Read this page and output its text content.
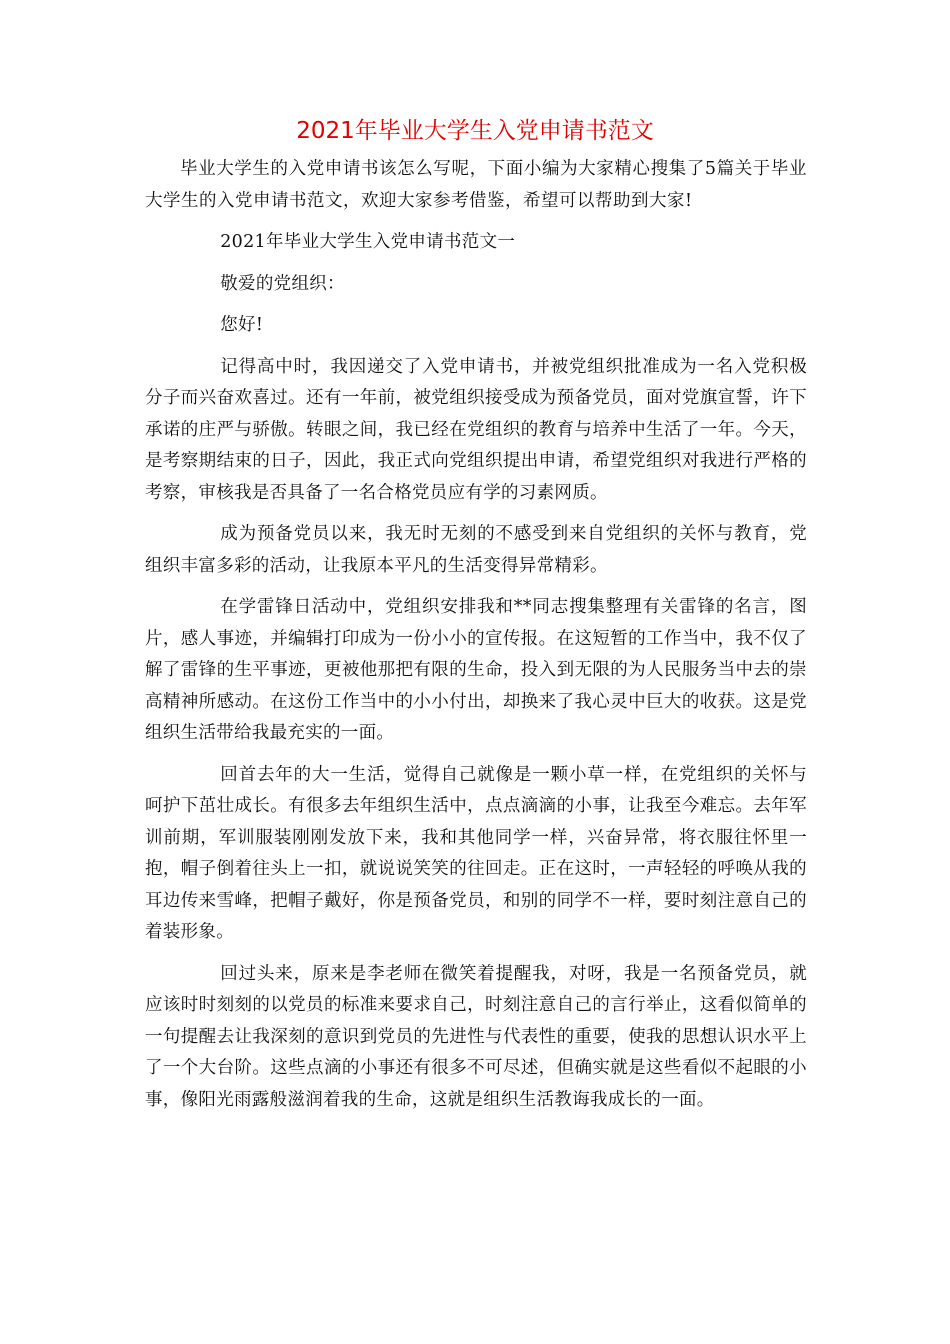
2021年毕业大学生入党申请书范文

毕业大学生的入党申请书该怎么写呢，下面小编为大家精心搜集了5篇关于毕业大学生的入党申请书范文，欢迎大家参考借鉴，希望可以帮助到大家!

2021年毕业大学生入党申请书范文一

敬爱的党组织：

您好!

记得高中时，我因递交了入党申请书，并被党组织批准成为一名入党积极分子而兴奋欢喜过。还有一年前，被党组织接受成为预备党员，面对党旗宣誓，许下承诺的庄严与骄傲。转眼之间，我已经在党组织的教育与培养中生活了一年。今天，是考察期结束的日子，因此，我正式向党组织提出申请，希望党组织对我进行严格的考察，审核我是否具备了一名合格党员应有学的习素网质。

成为预备党员以来，我无时无刻的不感受到来自党组织的关怀与教育，党组织丰富多彩的活动，让我原本平凡的生活变得异常精彩。

在学雷锋日活动中，党组织安排我和**同志搜集整理有关雷锋的名言，图片，感人事迹，并编辑打印成为一份小小的宣传报。在这短暂的工作当中，我不仅了解了雷锋的生平事迹，更被他那把有限的生命，投入到无限的为人民服务当中去的崇高精神所感动。在这份工作当中的小小付出，却换来了我心灵中巨大的收获。这是党组织生活带给我最充实的一面。

回首去年的大一生活，觉得自己就像是一颗小草一样，在党组织的关怀与呵护下茁壮成长。有很多去年组织生活中，点点滴滴的小事，让我至今难忘。去年军训前期，军训服装刚刚发放下来，我和其他同学一样，兴奋异常，将衣服往怀里一抱，帽子倒着往头上一扣，就说说笑笑的往回走。正在这时，一声轻轻的呼唤从我的耳边传来雪峰，把帽子戴好，你是预备党员，和别的同学不一样，要时刻注意自己的着装形象。

回过头来，原来是李老师在微笑着提醒我，对呀，我是一名预备党员，就应该时时刻刻的以党员的标准来要求自己，时刻注意自己的言行举止，这看似简单的一句提醒去让我深刻的意识到党员的先进性与代表性的重要，使我的思想认识水平上了一个大台阶。这些点滴的小事还有很多不可尽述，但确实就是这些看似不起眼的小事，像阳光雨露般滋润着我的生命，这就是组织生活教诲我成长的一面。
